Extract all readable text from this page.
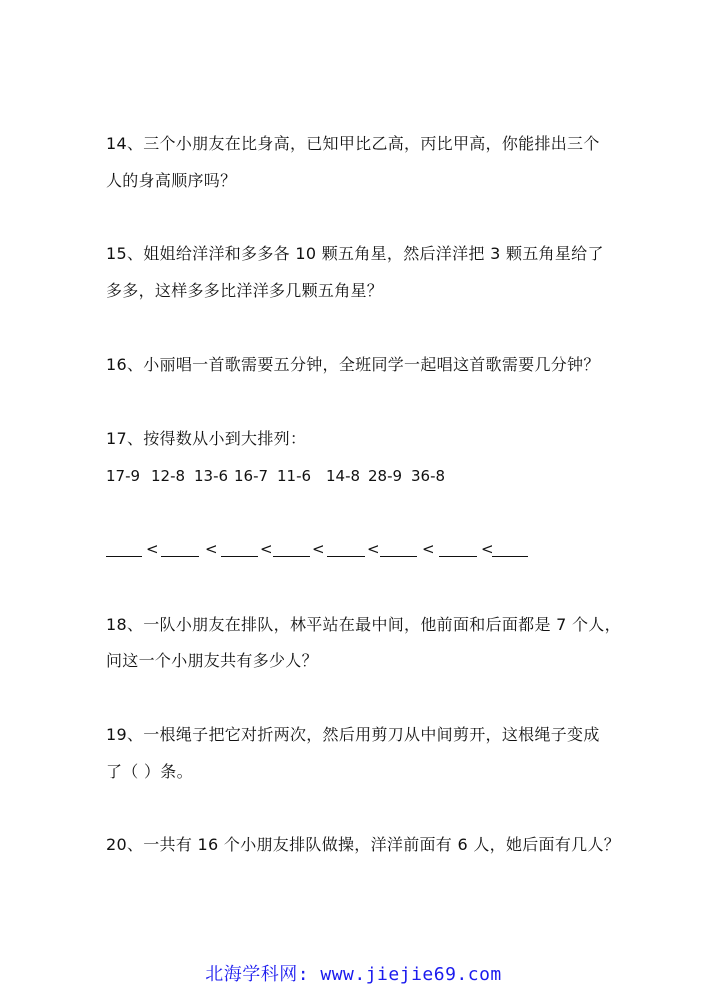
14、三个小朋友在比身高，已知甲比乙高，丙比甲高，你能排出三个
人的身高顺序吗？
15、姐姐给洋洋和多多各 10 颗五角星，然后洋洋把 3 颗五角星给了
多多，这样多多比洋洋多几颗五角星？
16、小丽唱一首歌需要五分钟，全班同学一起唱这首歌需要几分钟？
17、按得数从小到大排列：
17-9 12-8 13-6 16-7 11-6 14-8 28-9 36-8
<	<	<	<	<	<	<
18、一队小朋友在排队，林平站在最中间，他前面和后面都是 7 个人，
问这一个小朋友共有多少人？
19、一根绳子把它对折两次，然后用剪刀从中间剪开，这根绳子变成
了（ ）条。
20、一共有 16 个小朋友排队做操，洋洋前面有 6 人，她后面有几人？
北海学科网: www.jiejie69.com
